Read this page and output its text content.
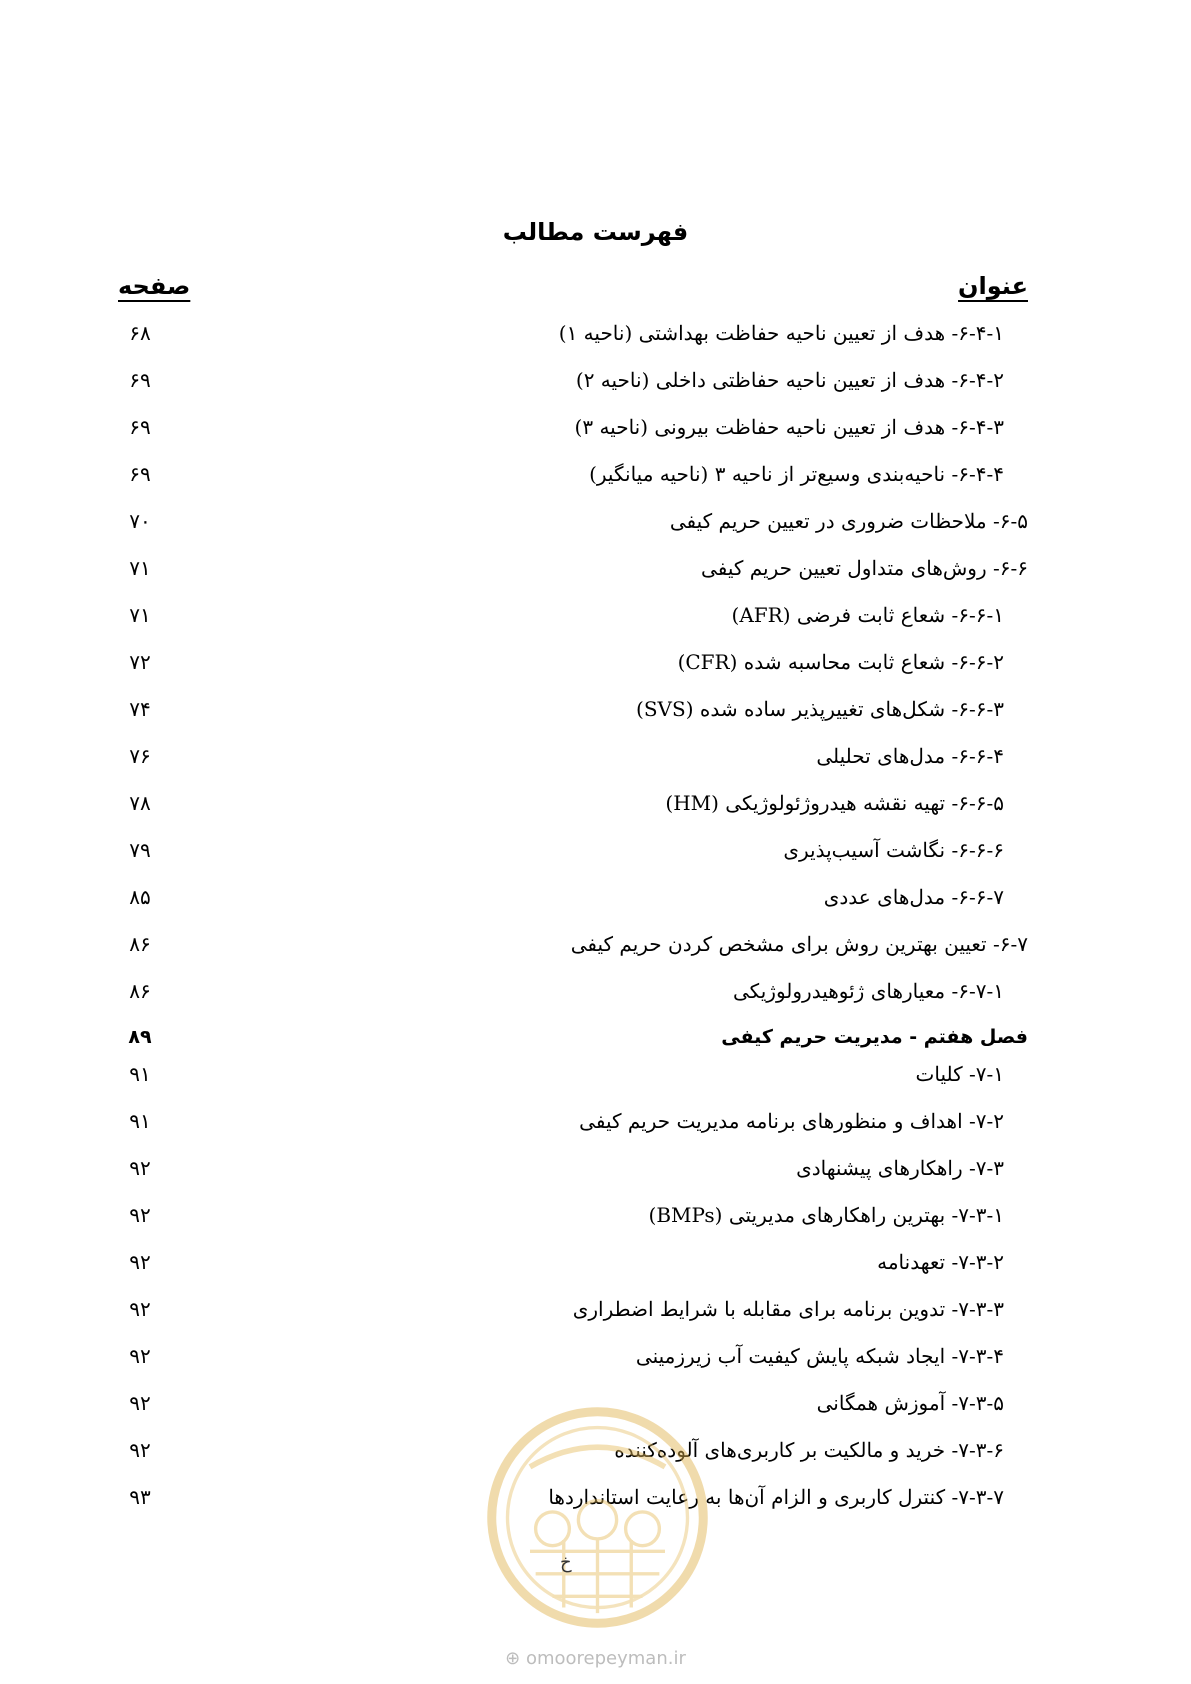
فهرست مطالب
عنوان
صفحه
۶-۴-۱- هدف از تعیین ناحیه حفاظت بهداشتی (ناحیه ۱)
۶۸
۶-۴-۲- هدف از تعیین ناحیه حفاظتی داخلی (ناحیه ۲)
۶۹
۶-۴-۳- هدف از تعیین ناحیه حفاظت بیرونی (ناحیه ۳)
۶۹
۶-۴-۴- ناحیه‌بندی وسیع‌تر از ناحیه ۳ (ناحیه میانگیر)
۶۹
۶-۵- ملاحظات ضروری در تعیین حریم کیفی
۷۰
۶-۶- روش‌های متداول تعیین حریم کیفی
۷۱
۶-۶-۱- شعاع ثابت فرضی (AFR)
۷۱
۶-۶-۲- شعاع ثابت محاسبه شده (CFR)
۷۲
۶-۶-۳- شکل‌های تغییرپذیر ساده شده (SVS)
۷۴
۶-۶-۴- مدل‌های تحلیلی
۷۶
۶-۶-۵- تهیه نقشه هیدروژئولوژیکی (HM)
۷۸
۶-۶-۶- نگاشت آسیب‌پذیری
۷۹
۶-۶-۷- مدل‌های عددی
۸۵
۶-۷- تعیین بهترین روش برای مشخص کردن حریم کیفی
۸۶
۶-۷-۱- معیارهای ژئوهیدرولوژیکی
۸۶
فصل هفتم - مدیریت حریم کیفی
۸۹
۷-۱- کلیات
۹۱
۷-۲- اهداف و منظورهای برنامه مدیریت حریم کیفی
۹۱
۷-۳- راهکارهای پیشنهادی
۹۲
۷-۳-۱- بهترین راهکارهای مدیریتی (BMPs)
۹۲
۷-۳-۲- تعهدنامه
۹۲
۷-۳-۳- تدوین برنامه برای مقابله با شرایط اضطراری
۹۲
۷-۳-۴- ایجاد شبکه پایش کیفیت آب زیرزمینی
۹۲
۷-۳-۵- آموزش همگانی
۹۲
۷-۳-۶- خرید و مالکیت بر کاربری‌های آلوده‌کننده
۹۲
۷-۳-۷- کنترل کاربری و الزام آن‌ها به رعایت استانداردها
۹۳
خ
⊕ omoorepeyman.ir
